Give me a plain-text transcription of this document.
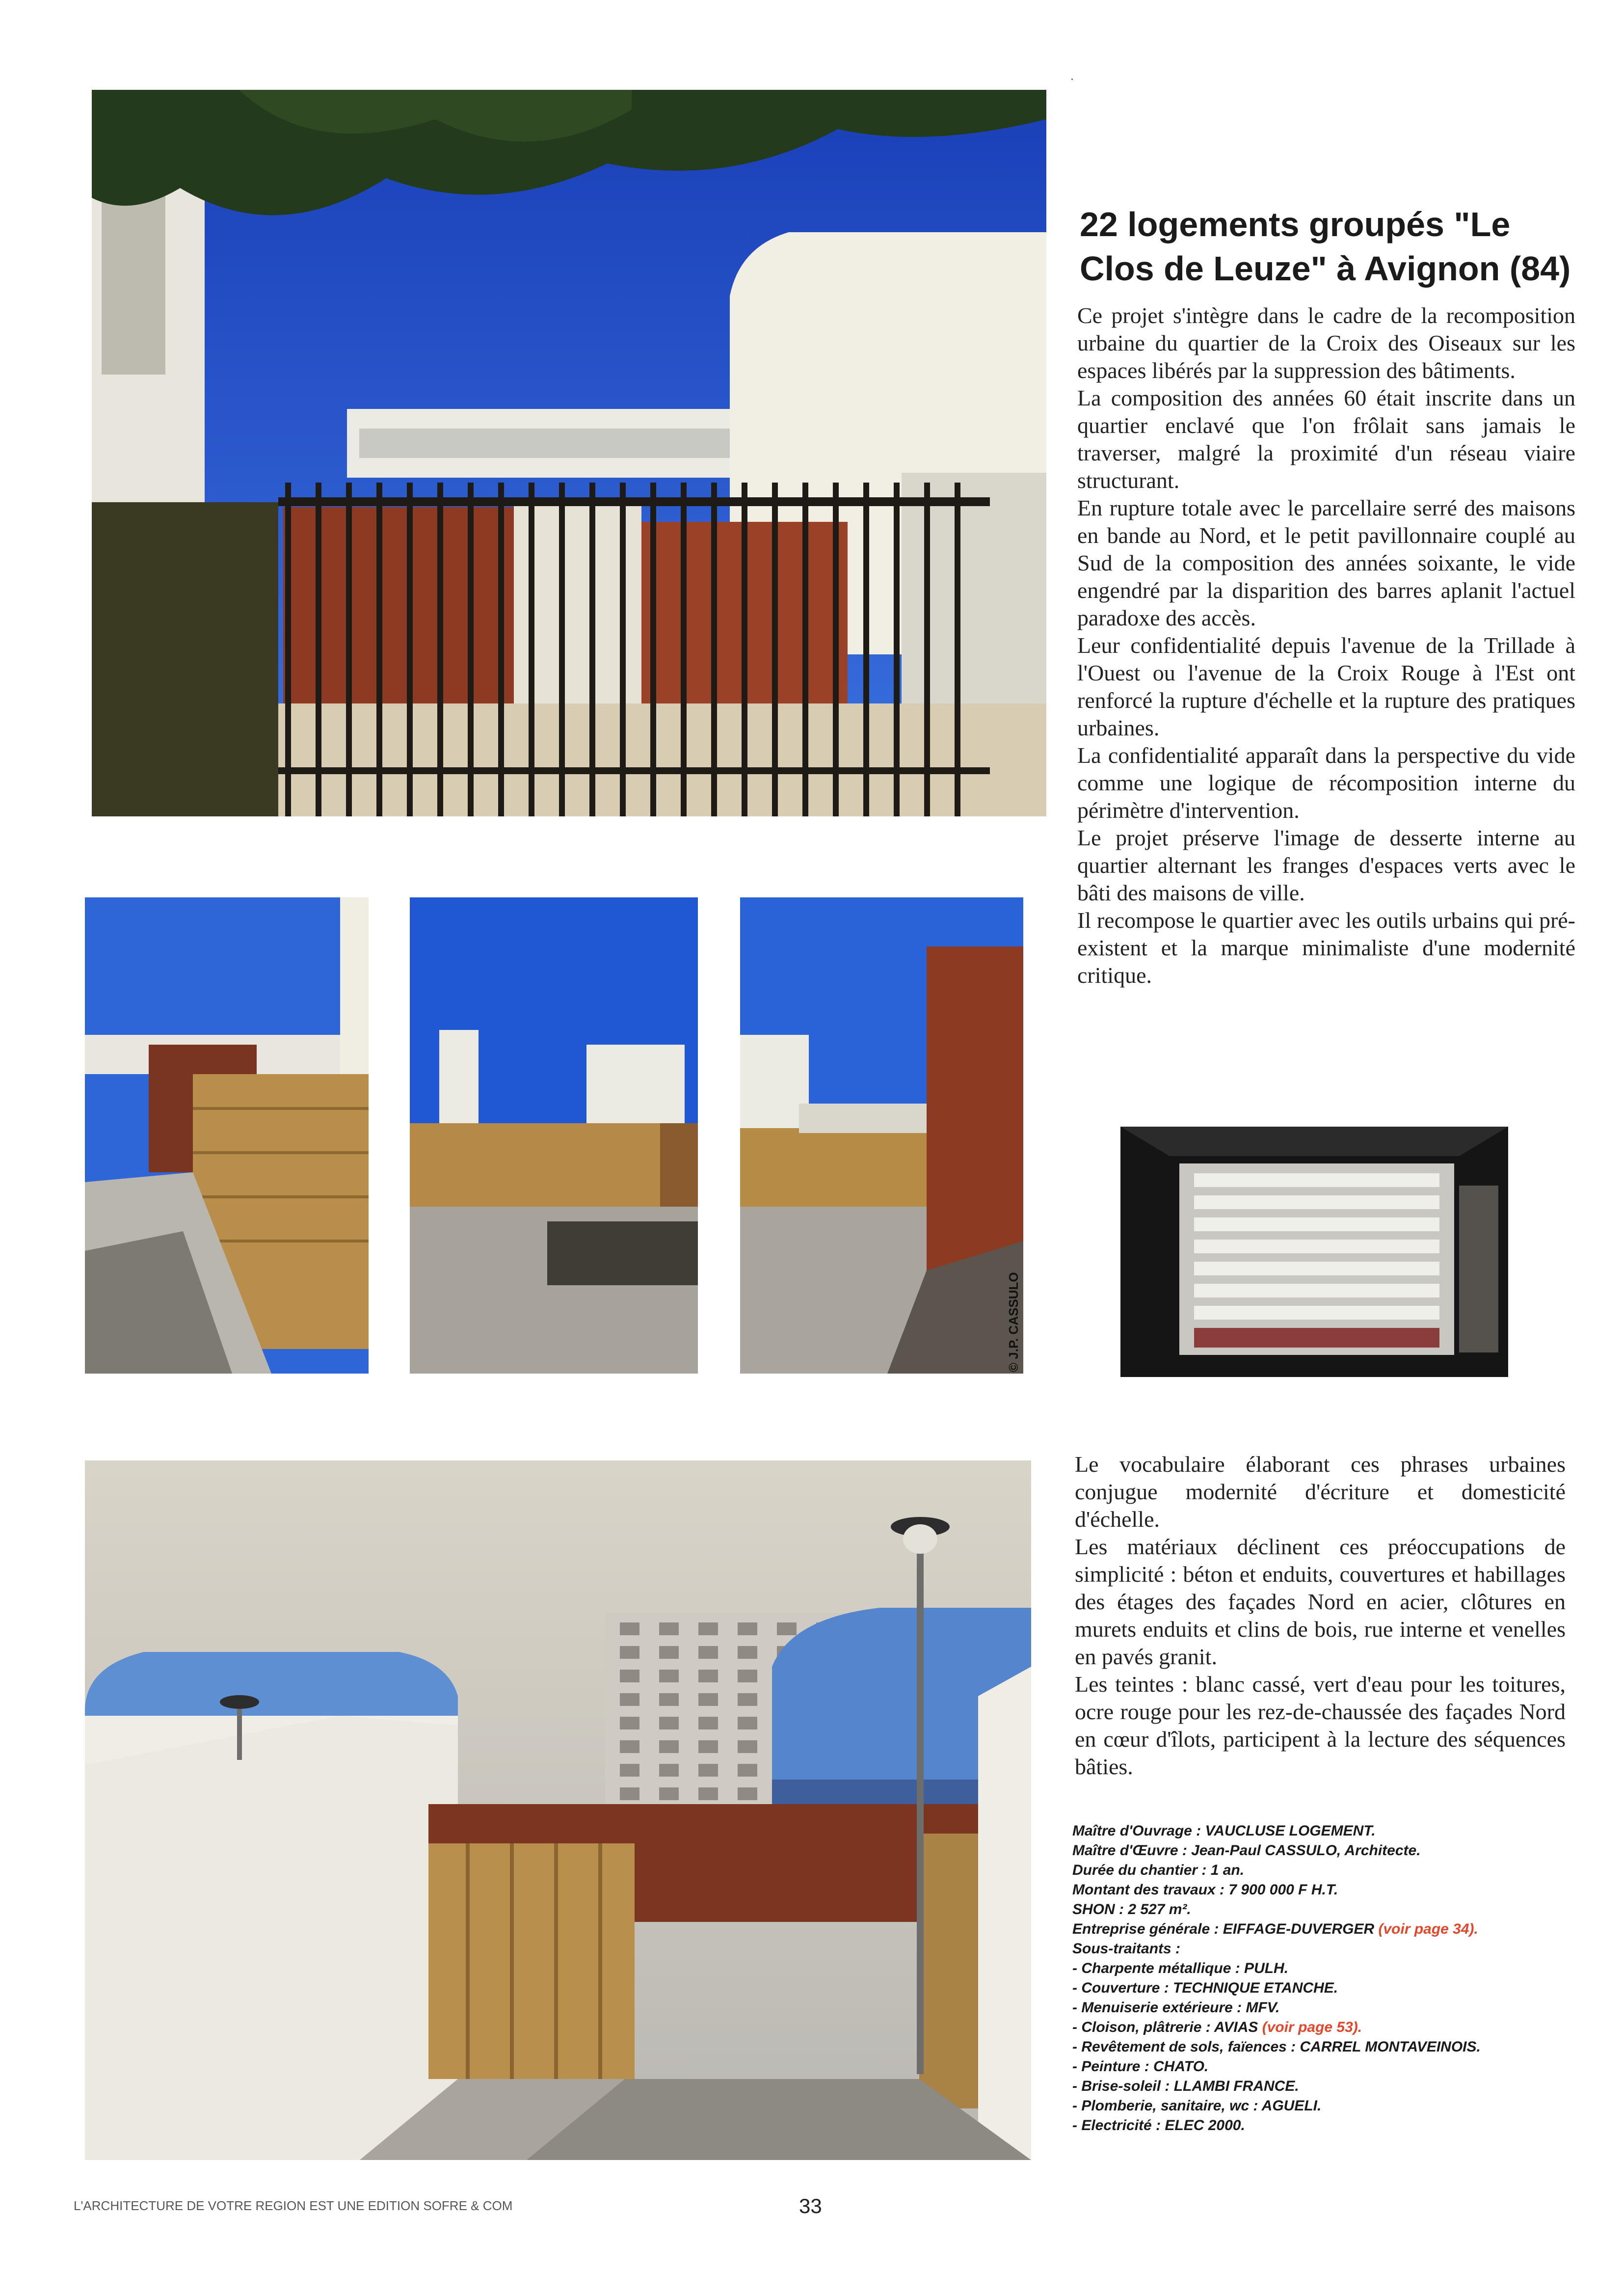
22 logements groupés "Le Clos de Leuze" à Avignon (84)

Ce projet s'intègre dans le cadre de la recomposition urbaine du quartier de la Croix des Oiseaux sur les espaces libérés par la suppression des bâtiments.

La composition des années 60 était inscrite dans un quartier enclavé que l'on frôlait sans jamais le traverser, malgré la proximité d'un réseau viaire structurant.

En rupture totale avec le parcellaire serré des maisons en bande au Nord, et le petit pavillonnaire couplé au Sud de la composition des années soixante, le vide engendré par la disparition des barres aplanit l'actuel paradoxe des accès.

Leur confidentialité depuis l'avenue de la Trillade à l'Ouest ou l'avenue de la Croix Rouge à l'Est ont renforcé la rupture d'échelle et la rupture des pratiques urbaines.

La confidentialité apparaît dans la perspective du vide comme une logique de récomposition interne du périmètre d'intervention.

Le projet préserve l'image de desserte interne au quartier alternant les franges d'espaces verts avec le bâti des maisons de ville.

Il recompose le quartier avec les outils urbains qui pré-existent et la marque minimaliste d'une modernité critique.

© J.P. CASSULO

Le vocabulaire élaborant ces phrases urbaines conjugue modernité d'écriture et domesticité d'échelle.

Les matériaux déclinent ces préoccupations de simplicité : béton et enduits, couvertures et habillages des étages des façades Nord en acier, clôtures en murets enduits et clins de bois, rue interne et venelles en pavés granit.

Les teintes : blanc cassé, vert d'eau pour les toitures, ocre rouge pour les rez-de-chaussée des façades Nord en cœur d'îlots, participent à la lecture des séquences bâties.

Maître d'Ouvrage : VAUCLUSE LOGEMENT.
Maître d'Œuvre : Jean-Paul CASSULO, Architecte.
Durée du chantier : 1 an.
Montant des travaux : 7 900 000 F H.T.
SHON : 2 527 m².
Entreprise générale : EIFFAGE-DUVERGER (voir page 34).
Sous-traitants :
- Charpente métallique : PULH.
- Couverture : TECHNIQUE ETANCHE.
- Menuiserie extérieure : MFV.
- Cloison, plâtrerie : AVIAS (voir page 53).
- Revêtement de sols, faïences : CARREL MONTAVEINOIS.
- Peinture : CHATO.
- Brise-soleil : LLAMBI FRANCE.
- Plomberie, sanitaire, wc : AGUELI.
- Electricité : ELEC 2000.
L'ARCHITECTURE DE VOTRE REGION EST UNE EDITION SOFRE & COM	33
